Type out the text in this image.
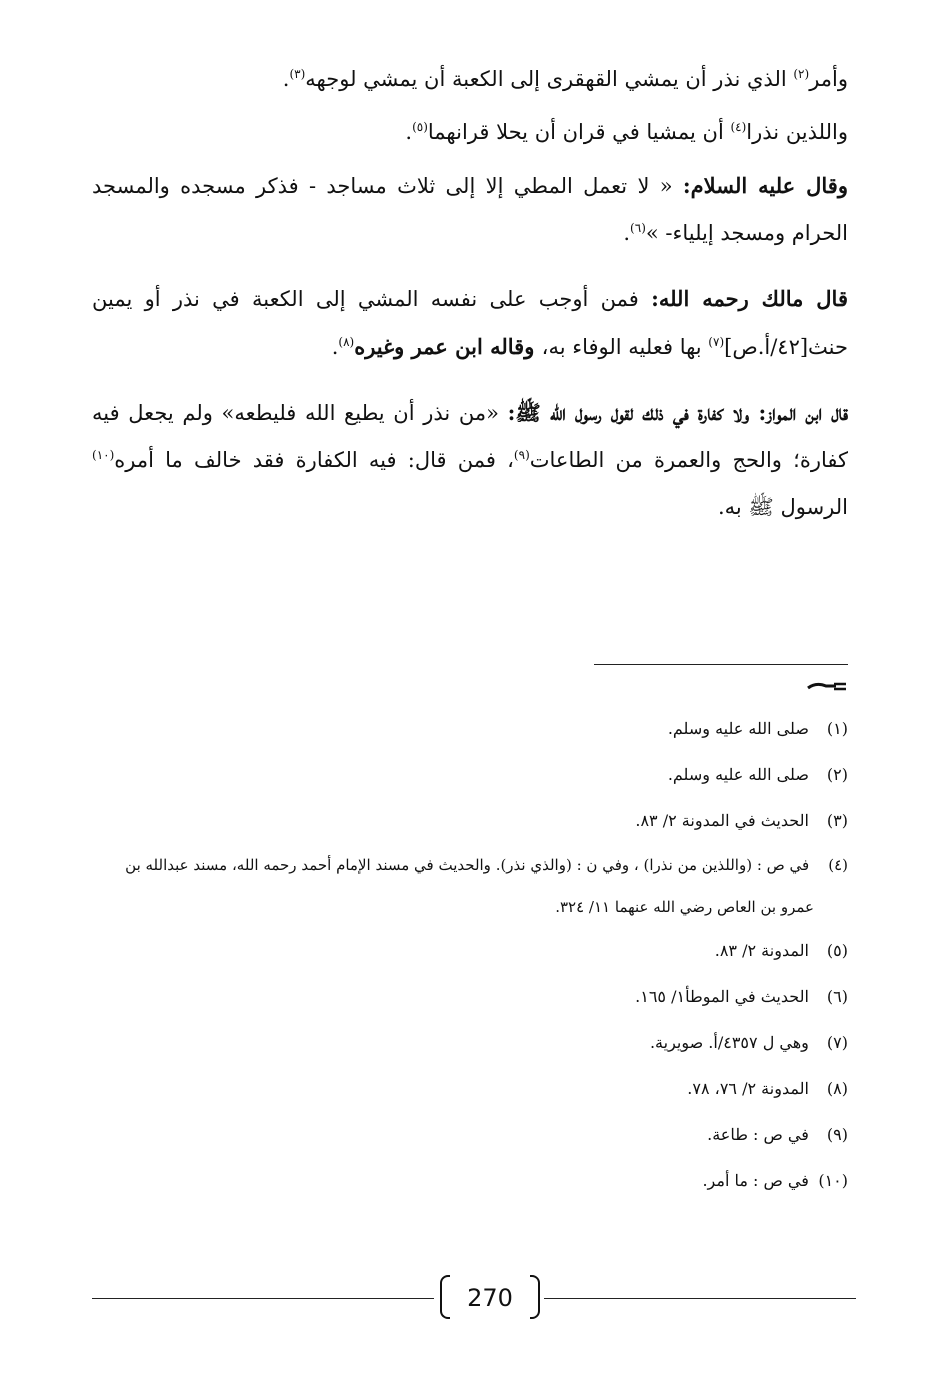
وأمر$^{(٢)}$ الذي نذر أن يمشي القهقرى إلى الكعبة أن يمشي لوجهه$^{(٣)}$.

واللذين نذرا$^{(٤)}$ أن يمشيا في قران أن يحلا قرانهما$^{(٥)}$.

وقال عليه السلام: « لا تعمل المطي إلا إلى ثلاث مساجد - فذكر مسجده والمسجد الحرام ومسجد إيلياء- »$^{(٦)}$.

قال مالك رحمه الله: فمن أوجب على نفسه المشي إلى الكعبة في نذر أو يمين حنث[٤٢/أ.ص]$^{(٧)}$ بها فعليه الوفاء به، وقاله ابن عمر وغيره$^{(٨)}$.

قال ابن المواز: ولا كفارة في ذلك لقول رسول الله ﷺ: «من نذر أن يطيع الله فليطعه» ولم يجعل فيه كفارة؛ والحج والعمرة من الطاعات$^{(٩)}$، فمن قال: فيه الكفارة فقد خالف ما أمره$^{(١٠)}$ الرسول ﷺ به.

(١) صلى الله عليه وسلم.
(٢) صلى الله عليه وسلم.
(٣) الحديث في المدونة ٢/ ٨٣.
(٤) في ص : (واللذين من نذرا) ، وفي ن : (والذي نذر). والحديث في مسند الإمام أحمد رحمه الله، مسند عبدالله بن
عمرو بن العاص رضي الله عنهما ١١/ ٣٢٤.
(٥) المدونة ٢/ ٨٣.
(٦) الحديث في الموطأ١/ ١٦٥.
(٧) وهي ل ٤٣٥٧/أ. صويرية.
(٨) المدونة ٢/ ٧٦، ٧٨.
(٩) في ص : طاعة.
(١٠) في ص : ما أمر.
270
